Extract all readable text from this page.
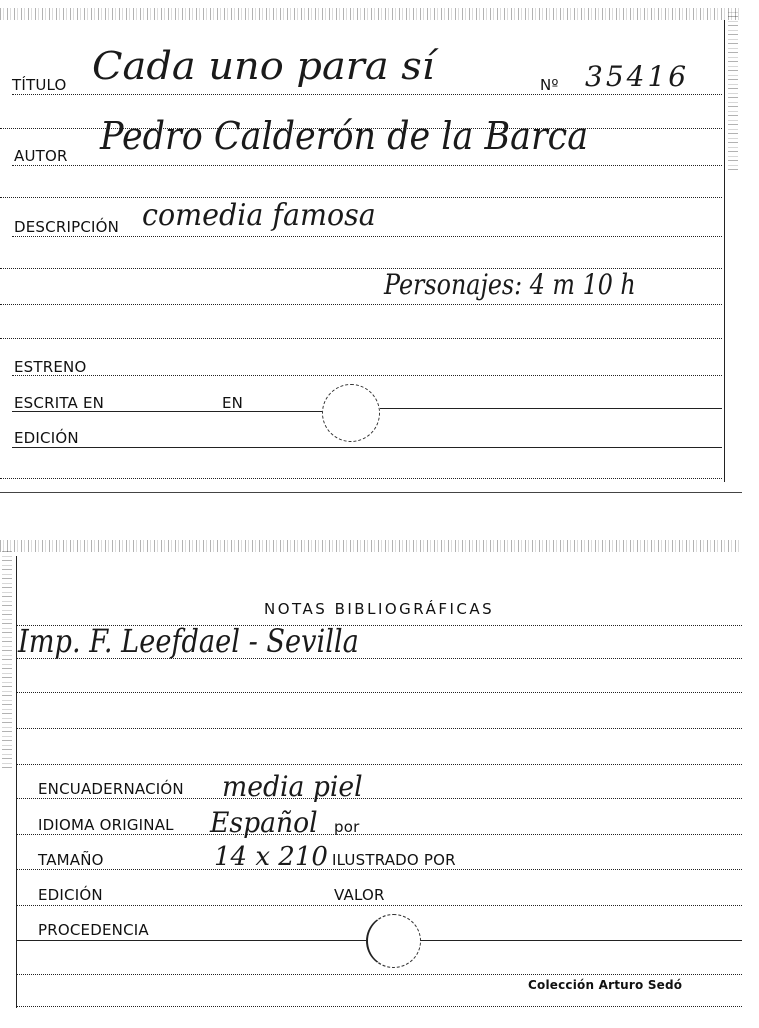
TÍTULO Cada uno para sí	Nº 35416
AUTOR Pedro Calderón de la Barca
DESCRIPCIÓN comedia famosa
Personajes: 4 m 10 h
ESTRENO
ESCRITA EN	EN
EDICIÓN
NOTAS BIBLIOGRÁFICAS
Imp. F. Leefdael - Sevilla
ENCUADERNACIÓN media piel
IDIOMA ORIGINAL Español por
TAMAÑO	14 x 210 ILUSTRADO POR
EDICIÓN	VALOR
PROCEDENCIA
Colección Arturo Sedó
